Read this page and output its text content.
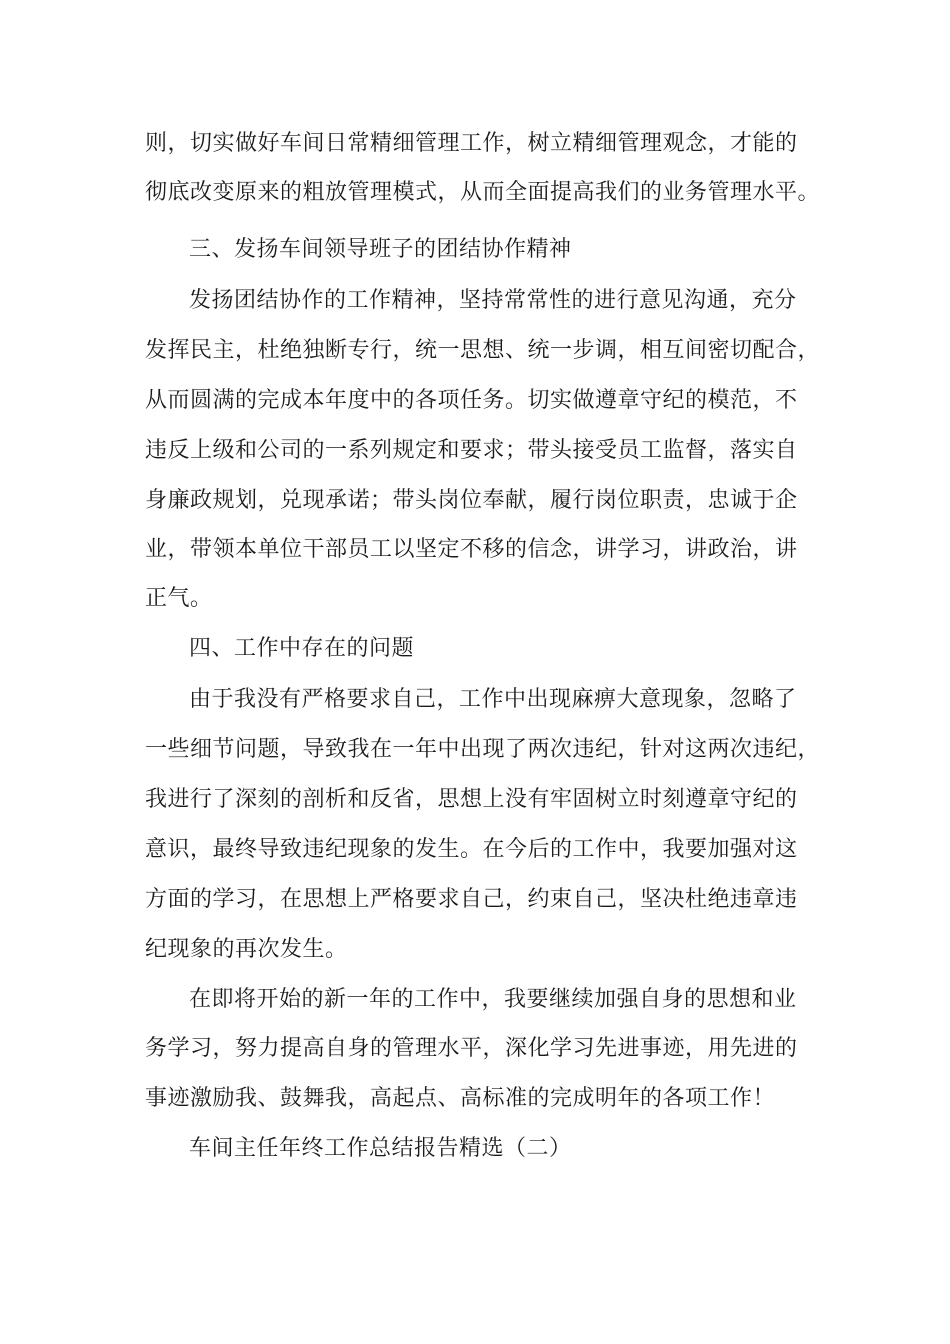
则，切实做好车间日常精细管理工作，树立精细管理观念，才能的
彻底改变原来的粗放管理模式，从而全面提高我们的业务管理水平。
三、发扬车间领导班子的团结协作精神
发扬团结协作的工作精神，坚持常常性的进行意见沟通，充分
发挥民主，杜绝独断专行，统一思想、统一步调，相互间密切配合，
从而圆满的完成本年度中的各项任务。切实做遵章守纪的模范，不
违反上级和公司的一系列规定和要求；带头接受员工监督，落实自
身廉政规划，兑现承诺；带头岗位奉献，履行岗位职责，忠诚于企
业，带领本单位干部员工以坚定不移的信念，讲学习，讲政治，讲
正气。
四、工作中存在的问题
由于我没有严格要求自己，工作中出现麻痹大意现象，忽略了
一些细节问题，导致我在一年中出现了两次违纪，针对这两次违纪，
我进行了深刻的剖析和反省，思想上没有牢固树立时刻遵章守纪的
意识，最终导致违纪现象的发生。在今后的工作中，我要加强对这
方面的学习，在思想上严格要求自己，约束自己，坚决杜绝违章违
纪现象的再次发生。
在即将开始的新一年的工作中，我要继续加强自身的思想和业
务学习，努力提高自身的管理水平，深化学习先进事迹，用先进的
事迹激励我、鼓舞我，高起点、高标准的完成明年的各项工作！
车间主任年终工作总结报告精选（二）
